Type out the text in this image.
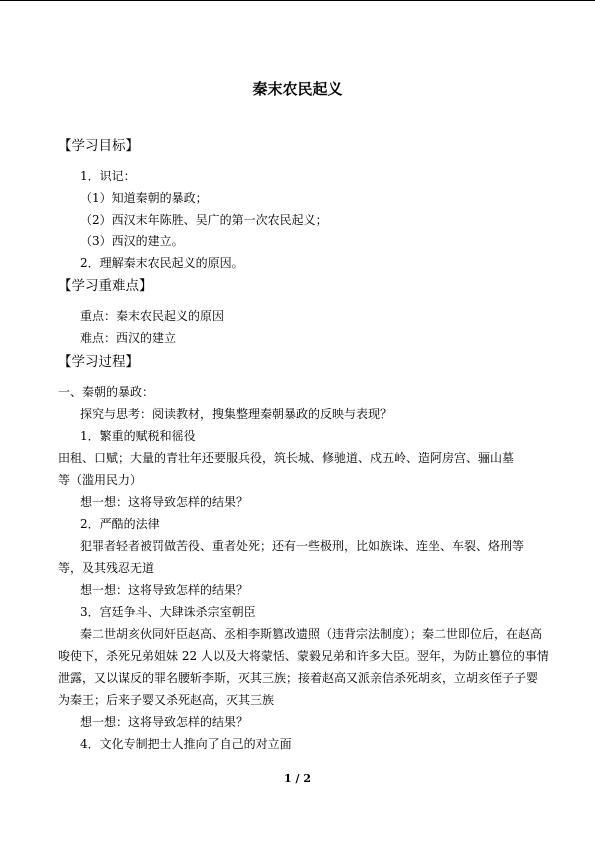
秦末农民起义
【学习目标】
1．识记：
（1）知道秦朝的暴政；
（2）西汉末年陈胜、吴广的第一次农民起义；
（3）西汉的建立。
2．理解秦末农民起义的原因。
【学习重难点】
重点：秦末农民起义的原因
难点：西汉的建立
【学习过程】
一、秦朝的暴政：
探究与思考：阅读教材，搜集整理秦朝暴政的反映与表现？
1．繁重的赋税和徭役
田租、口赋；大量的青壮年还要服兵役，筑长城、修驰道、戍五岭、造阿房宫、骊山墓
等（滥用民力）
想一想：这将导致怎样的结果？
2．严酷的法律
犯罪者轻者被罚做苦役、重者处死；还有一些极刑，比如族诛、连坐、车裂、烙刑等
等，及其残忍无道
想一想：这将导致怎样的结果？
3．宫廷争斗、大肆诛杀宗室朝臣
秦二世胡亥伙同奸臣赵高、丞相李斯篡改遗照（违背宗法制度）；秦二世即位后，在赵高
唆使下，杀死兄弟姐妹 22 人以及大将蒙恬、蒙毅兄弟和许多大臣。翌年，为防止篡位的事情
泄露，又以谋反的罪名腰斩李斯，灭其三族；接着赵高又派亲信杀死胡亥，立胡亥侄子子婴
为秦王；后来子婴又杀死赵高，灭其三族
想一想：这将导致怎样的结果？
4．文化专制把士人推向了自己的对立面
1 / 2
